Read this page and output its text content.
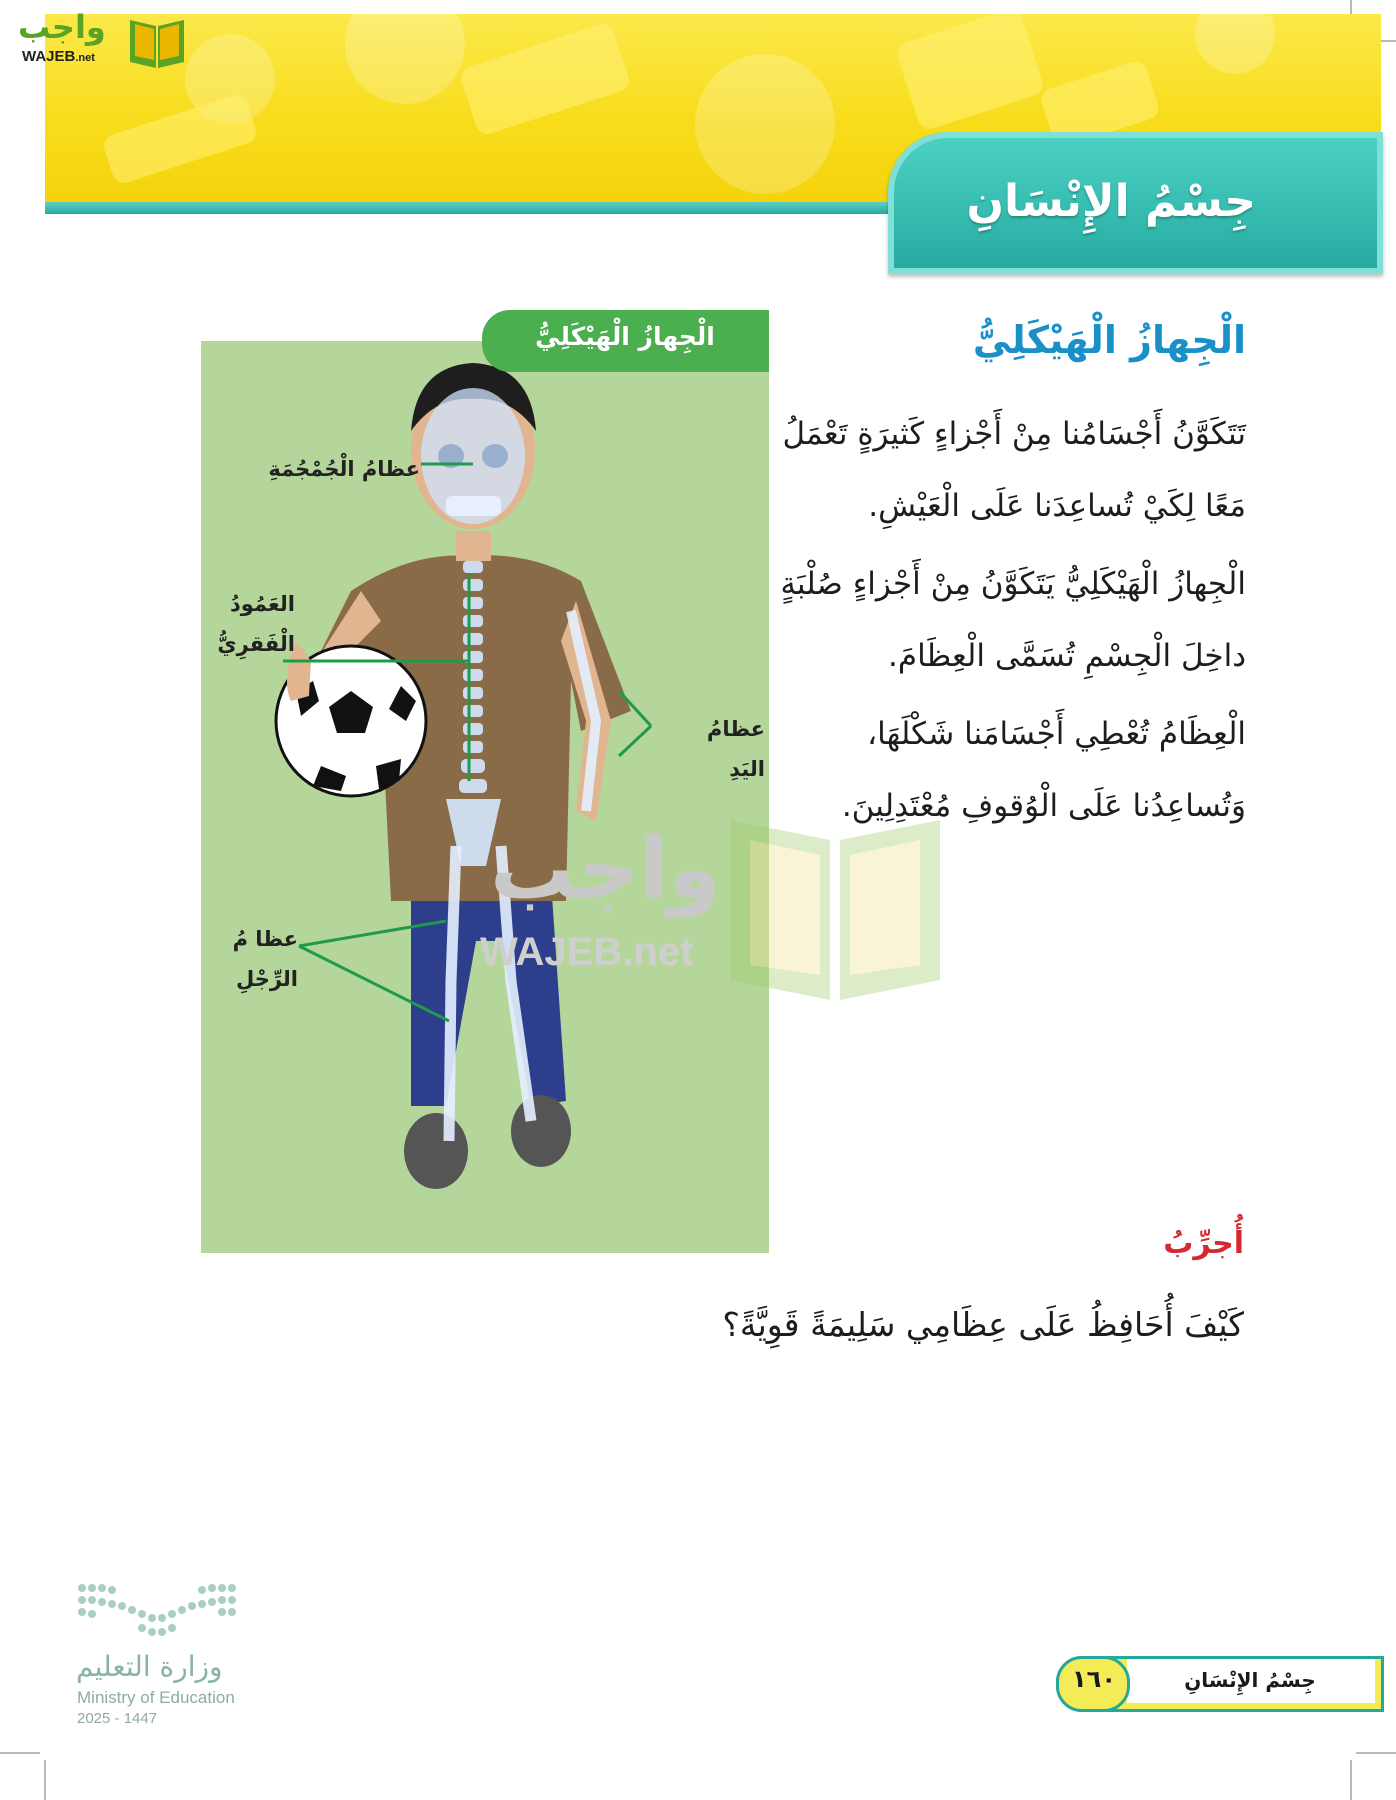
جِسْمُ الإِنْسَانِ
واجب
WAJEB.net
الْجِهازُ الْهَيْكَلِيُّ
عظامُ الْجُمْجُمَةِ
العَمُودُ
الْفَقرِيُّ
عظامُ
اليَدِ
عظا مُ
الرِّجْلِ
واجب
WAJEB.net
الْجِهازُ الْهَيْكَلِيُّ
تَتَكَوَّنُ أَجْسَامُنا مِنْ أَجْزاءٍ كَثيرَةٍ تَعْمَلُ مَعًا لِكَيْ تُساعِدَنا عَلَى الْعَيْشِ.
الْجِهازُ الْهَيْكَلِيُّ يَتَكَوَّنُ مِنْ أَجْزاءٍ صُلْبَةٍ داخِلَ الْجِسْمِ تُسَمَّى الْعِظَامَ.
الْعِظَامُ تُعْطِي أَجْسَامَنا شَكْلَهَا، وَتُساعِدُنا عَلَى الْوُقوفِ مُعْتَدِلِينَ.
أُجرِّبُ
كَيْفَ أُحَافِظُ عَلَى عِظَامِي سَلِيمَةً قَوِيَّةً؟
وزارة التعليم
Ministry of Education
2025 - 1447
جِسْمُ الإِنْسَانِ
١٦٠
